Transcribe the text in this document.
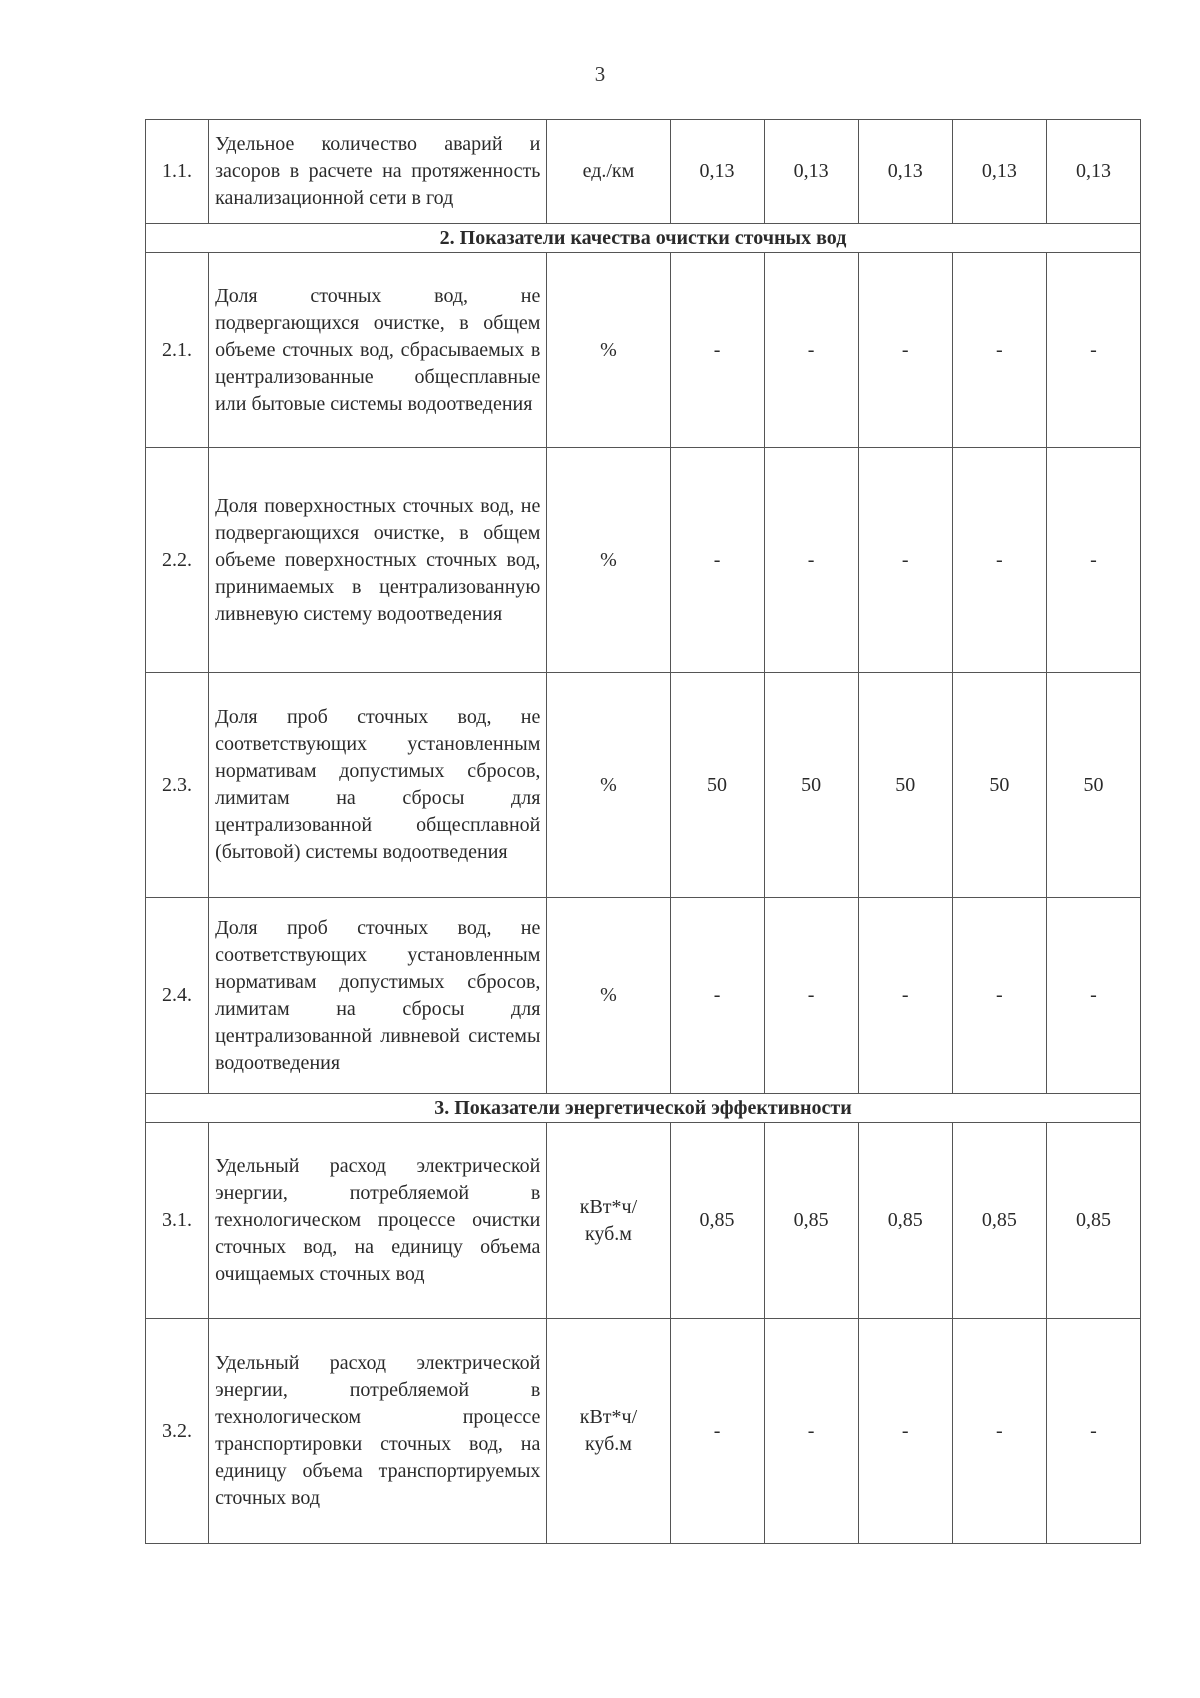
3
1.1.	Удельное количество аварий и засоров в расчете на протяженность канализационной сети в год	ед./км	0,13	0,13	0,13	0,13	0,13
2. Показатели качества очистки сточных вод							
2.1.	Доля сточных вод, не подвергающихся очистке, в общем объеме сточных вод, сбрасываемых в централизованные общесплавные или бытовые системы водоотведения	%	-	-	-	-	-
2.2.	Доля поверхностных сточных вод, не подвергающихся очистке, в общем объеме поверхностных сточных вод, принимаемых в централизованную ливневую систему водоотведения	%	-	-	-	-	-
2.3.	Доля проб сточных вод, не соответствующих установленным нормативам допустимых сбросов, лимитам на сбросы для централизованной общесплавной (бытовой) системы водоотведения	%	50	50	50	50	50
2.4.	Доля проб сточных вод, не соответствующих установленным нормативам допустимых сбросов, лимитам на сбросы для централизованной ливневой системы водоотведения	%	-	-	-	-	-
3. Показатели энергетической эффективности							
3.1.	Удельный расход электрической энергии, потребляемой в технологическом процессе очистки сточных вод, на единицу объема очищаемых сточных вод	кВт*ч/
куб.м	0,85	0,85	0,85	0,85	0,85
3.2.	Удельный расход электрической энергии, потребляемой в технологическом процессе транспортировки сточных вод, на единицу объема транспортируемых сточных вод	кВт*ч/
куб.м	-	-	-	-	-
